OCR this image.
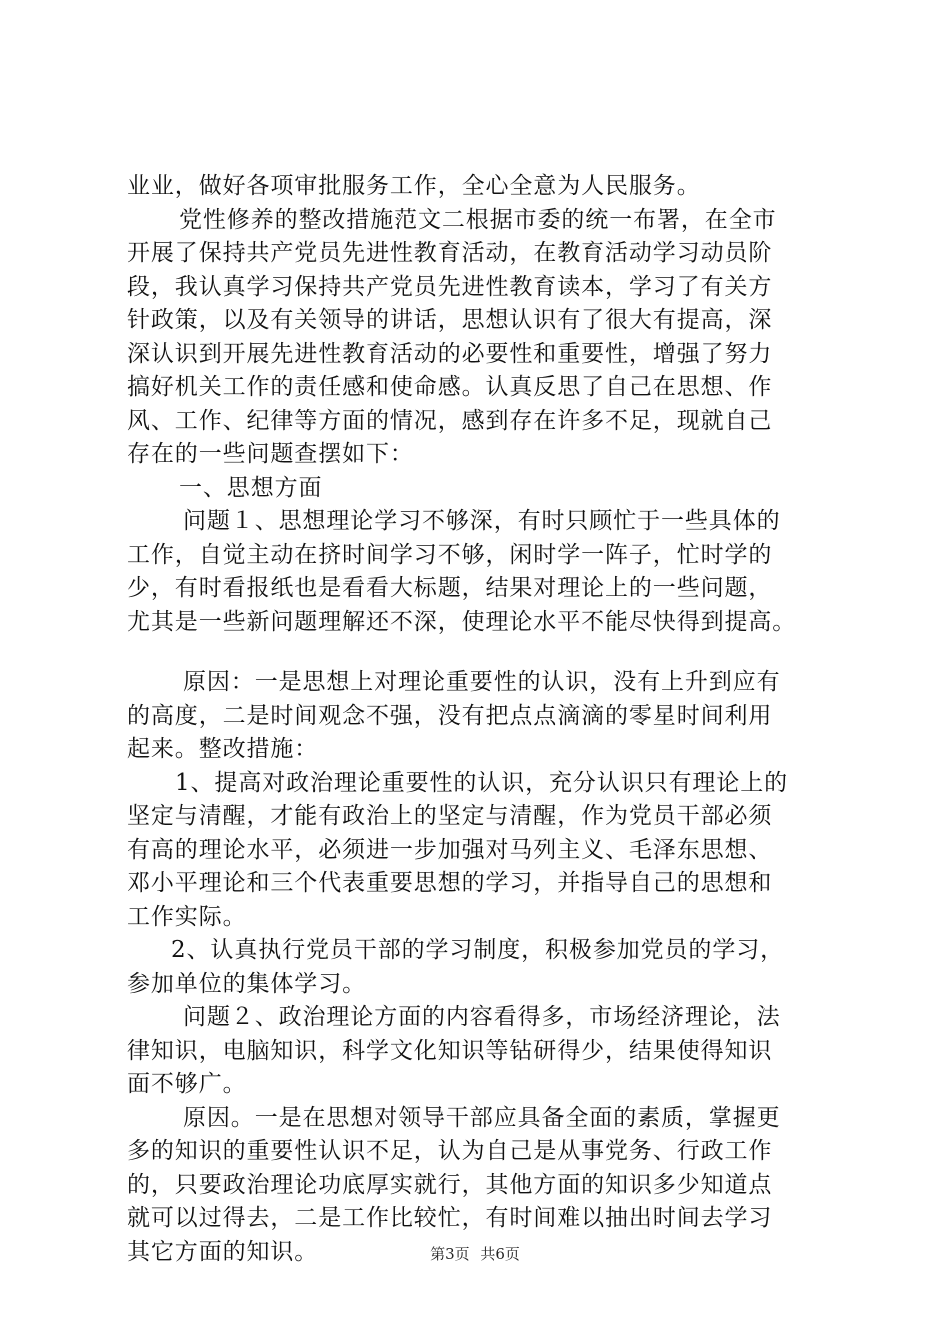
业业，做好各项审批服务工作，全心全意为人民服务。
党性修养的整改措施范文二根据市委的统一布署，在全市
开展了保持共产党员先进性教育活动，在教育活动学习动员阶
段，我认真学习保持共产党员先进性教育读本，学习了有关方
针政策，以及有关领导的讲话，思想认识有了很大有提高，深
深认识到开展先进性教育活动的必要性和重要性，增强了努力
搞好机关工作的责任感和使命感。认真反思了自己在思想、作
风、工作、纪律等方面的情况，感到存在许多不足，现就自己
存在的一些问题查摆如下：
一、思想方面
问题１、思想理论学习不够深，有时只顾忙于一些具体的
工作，自觉主动在挤时间学习不够，闲时学一阵子，忙时学的
少，有时看报纸也是看看大标题，结果对理论上的一些问题，
尤其是一些新问题理解还不深，使理论水平不能尽快得到提高。
原因：一是思想上对理论重要性的认识，没有上升到应有
的高度，二是时间观念不强，没有把点点滴滴的零星时间利用
起来。整改措施：
1、提高对政治理论重要性的认识，充分认识只有理论上的
坚定与清醒，才能有政治上的坚定与清醒，作为党员干部必须
有高的理论水平，必须进一步加强对马列主义、毛泽东思想、
邓小平理论和三个代表重要思想的学习，并指导自己的思想和
工作实际。
2、认真执行党员干部的学习制度，积极参加党员的学习，
参加单位的集体学习。
问题２、政治理论方面的内容看得多，市场经济理论，法
律知识，电脑知识，科学文化知识等钻研得少，结果使得知识
面不够广。
原因。一是在思想对领导干部应具备全面的素质，掌握更
多的知识的重要性认识不足，认为自己是从事党务、行政工作
的，只要政治理论功底厚实就行，其他方面的知识多少知道点
就可以过得去，二是工作比较忙，有时间难以抽出时间去学习
其它方面的知识。	第3页 共6页
